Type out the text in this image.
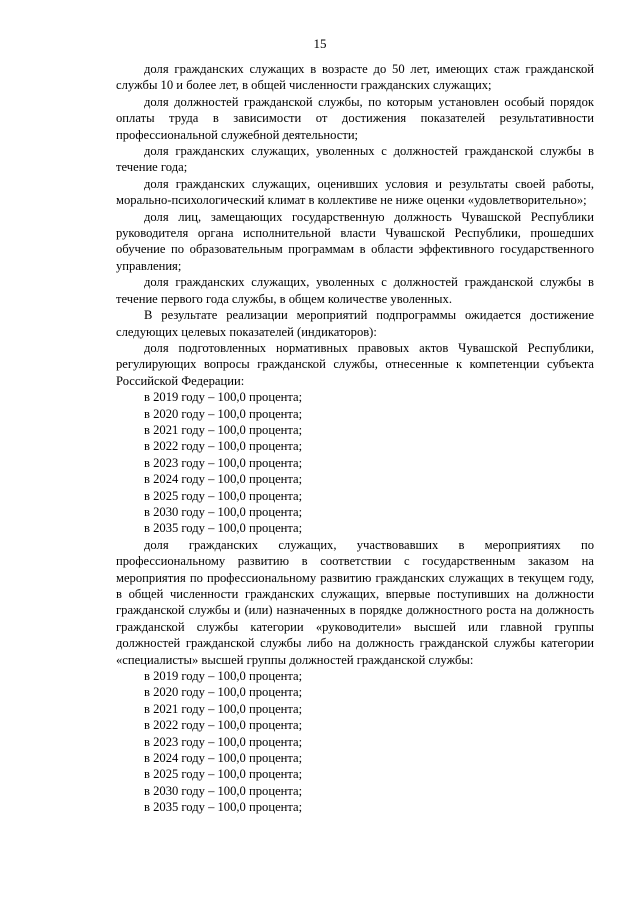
15

доля гражданских служащих в возрасте до 50 лет, имеющих стаж гражданской службы 10 и более лет, в общей численности гражданских служащих;

доля должностей гражданской службы, по которым установлен особый порядок оплаты труда в зависимости от достижения показателей результативности профессиональной служебной деятельности;

доля гражданских служащих, уволенных с должностей гражданской службы в течение года;

доля гражданских служащих, оценивших условия и результаты своей работы, морально-психологический климат в коллективе не ниже оценки «удовлетворительно»;

доля лиц, замещающих государственную должность Чувашской Республики руководителя органа исполнительной власти Чувашской Республики, прошедших обучение по образовательным программам в области эффективного государственного управления;

доля гражданских служащих, уволенных с должностей гражданской службы в течение первого года службы, в общем количестве уволенных.

В результате реализации мероприятий подпрограммы ожидается достижение следующих целевых показателей (индикаторов):

доля подготовленных нормативных правовых актов Чувашской Республики, регулирующих вопросы гражданской службы, отнесенные к компетенции субъекта Российской Федерации:

в 2019 году – 100,0 процента;
в 2020 году – 100,0 процента;
в 2021 году – 100,0 процента;
в 2022 году – 100,0 процента;
в 2023 году – 100,0 процента;
в 2024 году – 100,0 процента;
в 2025 году – 100,0 процента;
в 2030 году – 100,0 процента;
в 2035 году – 100,0 процента;

доля гражданских служащих, участвовавших в мероприятиях по профессиональному развитию в соответствии с государственным заказом на мероприятия по профессиональному развитию гражданских служащих в текущем году, в общей численности гражданских служащих, впервые поступивших на должности гражданской службы и (или) назначенных в порядке должностного роста на должность гражданской службы категории «руководители» высшей или главной группы должностей гражданской службы либо на должность гражданской службы категории «специалисты» высшей группы должностей гражданской службы:

в 2019 году – 100,0 процента;
в 2020 году – 100,0 процента;
в 2021 году – 100,0 процента;
в 2022 году – 100,0 процента;
в 2023 году – 100,0 процента;
в 2024 году – 100,0 процента;
в 2025 году – 100,0 процента;
в 2030 году – 100,0 процента;
в 2035 году – 100,0 процента;
